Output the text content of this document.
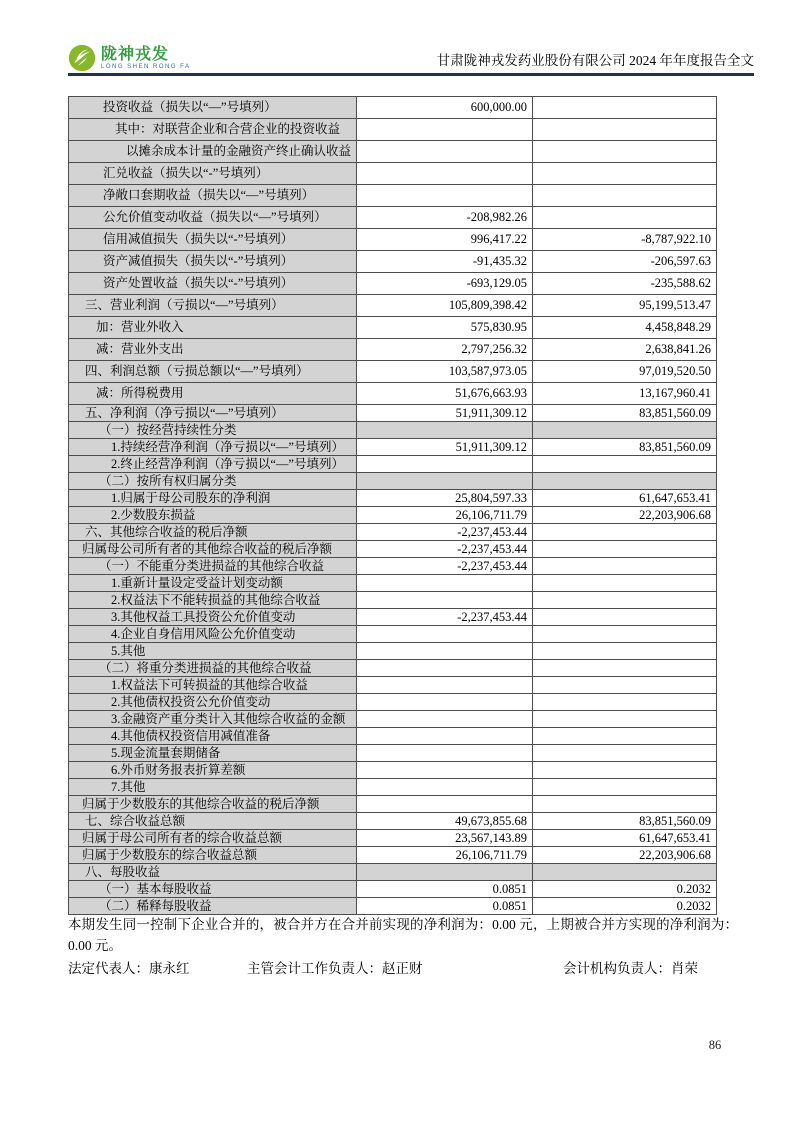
陇神戎发
LONG SHEN RONG FA	甘肃陇神戎发药业股份有限公司 2024 年年度报告全文
投资收益（损失以“—”号填列）	600,000.00	
其中：对联营企业和合营企业的投资收益		
以摊余成本计量的金融资产终止确认收益		
汇兑收益（损失以“-”号填列）		
净敞口套期收益（损失以“—”号填列）		
公允价值变动收益（损失以“—”号填列）	-208,982.26	
信用减值损失（损失以“-”号填列）	996,417.22	-8,787,922.10
资产减值损失（损失以“-”号填列）	-91,435.32	-206,597.63
资产处置收益（损失以“-”号填列）	-693,129.05	-235,588.62
三、营业利润（亏损以“—”号填列）	105,809,398.42	95,199,513.47
加：营业外收入	575,830.95	4,458,848.29
减：营业外支出	2,797,256.32	2,638,841.26
四、利润总额（亏损总额以“—”号填列）	103,587,973.05	97,019,520.50
减：所得税费用	51,676,663.93	13,167,960.41
五、净利润（净亏损以“—”号填列）	51,911,309.12	83,851,560.09
（一）按经营持续性分类		
1.持续经营净利润（净亏损以“—”号填列）	51,911,309.12	83,851,560.09
2.终止经营净利润（净亏损以“—”号填列）		
（二）按所有权归属分类		
1.归属于母公司股东的净利润	25,804,597.33	61,647,653.41
2.少数股东损益	26,106,711.79	22,203,906.68
六、其他综合收益的税后净额	-2,237,453.44	
归属母公司所有者的其他综合收益的税后净额	-2,237,453.44	
（一）不能重分类进损益的其他综合收益	-2,237,453.44	
1.重新计量设定受益计划变动额		
2.权益法下不能转损益的其他综合收益		
3.其他权益工具投资公允价值变动	-2,237,453.44	
4.企业自身信用风险公允价值变动		
5.其他		
（二）将重分类进损益的其他综合收益		
1.权益法下可转损益的其他综合收益		
2.其他债权投资公允价值变动		
3.金融资产重分类计入其他综合收益的金额		
4.其他债权投资信用减值准备		
5.现金流量套期储备		
6.外币财务报表折算差额		
7.其他		
归属于少数股东的其他综合收益的税后净额		
七、综合收益总额	49,673,855.68	83,851,560.09
归属于母公司所有者的综合收益总额	23,567,143.89	61,647,653.41
归属于少数股东的综合收益总额	26,106,711.79	22,203,906.68
八、每股收益		
（一）基本每股收益	0.0851	0.2032
（二）稀释每股收益	0.0851	0.2032
本期发生同一控制下企业合并的，被合并方在合并前实现的净利润为：0.00 元，上期被合并方实现的净利润为：0.00 元。
法定代表人：康永红	主管会计工作负责人：赵正财	会计机构负责人：肖荣
86
